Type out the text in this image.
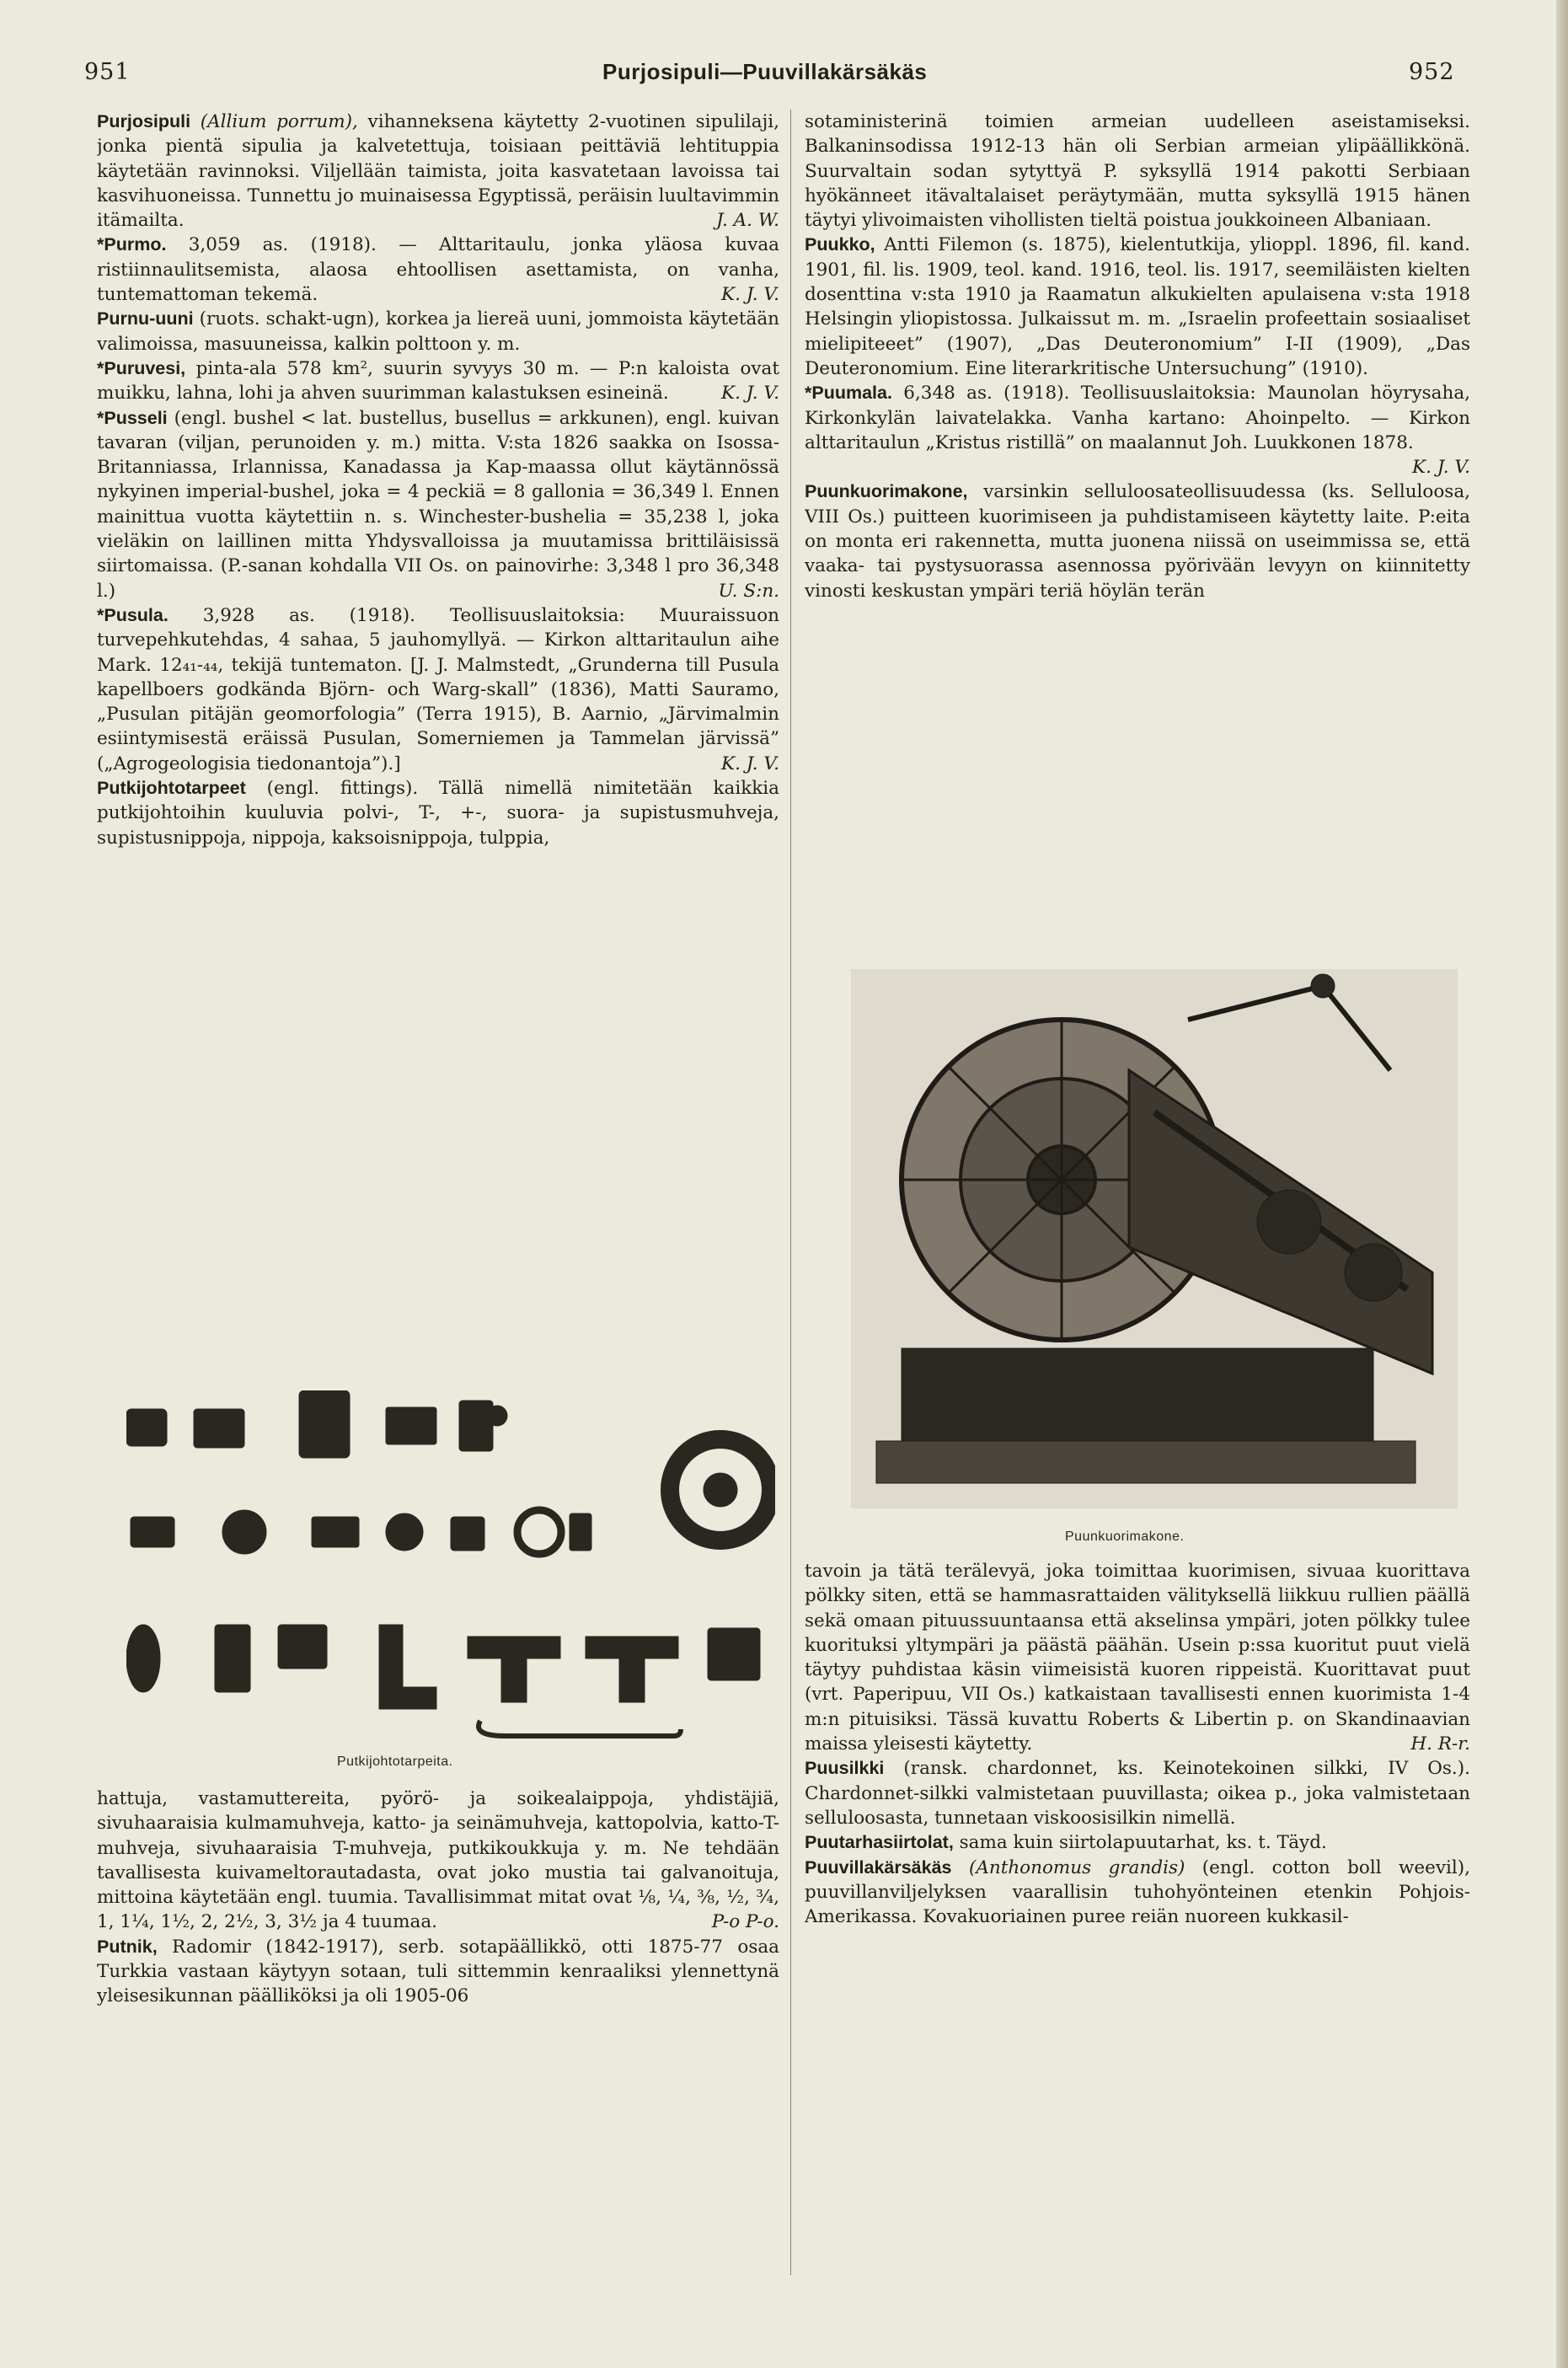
951	Purjosipuli—Puuvillakärsäkäs	952

Purjosipuli (Allium porrum), vihanneksena käytetty 2-vuotinen sipulilaji, jonka pientä sipulia ja kalvetettuja, toisiaan peittäviä lehtituppia käytetään ravinnoksi. Viljellään taimista, joita kasvatetaan lavoissa tai kasvihuoneissa. Tunnettu jo muinaisessa Egyptissä, peräisin luultavimmin itämailta.	J. A. W.

*Purmo. 3,059 as. (1918). — Alttaritaulu, jonka yläosa kuvaa ristiinnaulitsemista, alaosa ehtoollisen asettamista, on vanha, tuntemattoman tekemä.	K. J. V.

Purnu-uuni (ruots. schakt-ugn), korkea ja liereä uuni, jommoista käytetään valimoissa, masuuneissa, kalkin polttoon y. m.

*Puruvesi, pinta-ala 578 km², suurin syvyys 30 m. — P:n kaloista ovat muikku, lahna, lohi ja ahven suurimman kalastuksen esineinä.	K. J. V.

*Pusseli (engl. bushel < lat. bustellus, busellus = arkkunen), engl. kuivan tavaran (viljan, perunoiden y. m.) mitta. V:sta 1826 saakka on Isossa-Britanniassa, Irlannissa, Kanadassa ja Kap-maassa ollut käytännössä nykyinen imperial-bushel, joka = 4 peckiä = 8 gallonia = 36,349 l. Ennen mainittua vuotta käytettiin n. s. Winchester-bushelia = 35,238 l, joka vieläkin on laillinen mitta Yhdysvalloissa ja muutamissa brittiläisissä siirtomaissa. (P.-sanan kohdalla VII Os. on painovirhe: 3,348 l pro 36,348 l.)	U. S:n.

*Pusula. 3,928 as. (1918). Teollisuuslaitoksia: Muuraissuon turvepehkutehdas, 4 sahaa, 5 jauhomyllyä. — Kirkon alttaritaulun aihe Mark. 12₄₁-₄₄, tekijä tuntematon. [J. J. Malmstedt, „Grunderna till Pusula kapellboers godkända Björn- och Warg-skall” (1836), Matti Sauramo, „Pusulan pitäjän geomorfologia” (Terra 1915), B. Aarnio, „Järvimalmin esiintymisestä eräissä Pusulan, Somerniemen ja Tammelan järvissä” („Agrogeologisia tiedonantoja”).]	K. J. V.

Putkijohtotarpeet (engl. fittings). Tällä nimellä nimitetään kaikkia putkijohtoihin kuuluvia polvi-, T-, +-, suora- ja supistusmuhveja, supistusnippoja, nippoja, kaksoisnippoja, tulppia,

Putkijohtotarpeita.

hattuja, vastamuttereita, pyörö- ja soikealaippoja, yhdistäjiä, sivuhaaraisia kulmamuhveja, katto- ja seinämuhveja, kattopolvia, katto-T-muhveja, sivuhaaraisia T-muhveja, putkikoukkuja y. m. Ne tehdään tavallisesta kuivameltorautadasta, ovat joko mustia tai galvanoituja, mittoina käytetään engl. tuumia. Tavallisimmat mitat ovat ⅛, ¼, ⅜, ½, ¾, 1, 1¼, 1½, 2, 2½, 3, 3½ ja 4 tuumaa.	P-o P-o.

Putnik, Radomir (1842-1917), serb. sotapäällikkö, otti 1875-77 osaa Turkkia vastaan käytyyn sotaan, tuli sittemmin kenraaliksi ylennettynä yleisesikunnan päälliköksi ja oli 1905-06

sotaministerinä toimien armeian uudelleen aseistamiseksi. Balkaninsodissa 1912-13 hän oli Serbian armeian ylipäällikkönä. Suurvaltain sodan sytyttyä P. syksyllä 1914 pakotti Serbiaan hyökänneet itävaltalaiset peräytymään, mutta syksyllä 1915 hänen täytyi ylivoimaisten vihollisten tieltä poistua joukkoineen Albaniaan.

Puukko, Antti Filemon (s. 1875), kielentutkija, ylioppl. 1896, fil. kand. 1901, fil. lis. 1909, teol. kand. 1916, teol. lis. 1917, seemiläisten kielten dosenttina v:sta 1910 ja Raamatun alkukielten apulaisena v:sta 1918 Helsingin yliopistossa. Julkaissut m. m. „Israelin profeettain sosiaaliset mielipiteeet” (1907), „Das Deuteronomium” I-II (1909), „Das Deuteronomium. Eine literarkritische Untersuchung” (1910).

*Puumala. 6,348 as. (1918). Teollisuuslaitoksia: Maunolan höyrysaha, Kirkonkylän laivatelakka. Vanha kartano: Ahoinpelto. — Kirkon alttaritaulun „Kristus ristillä” on maalannut Joh. Luukkonen 1878.
K. J. V.

Puunkuorimakone, varsinkin selluloosateollisuudessa (ks. Selluloosa, VIII Os.) puitteen kuorimiseen ja puhdistamiseen käytetty laite. P:eita on monta eri rakennetta, mutta juonena niissä on useimmissa se, että vaaka- tai pystysuorassa asennossa pyörivään levyyn on kiinnitetty vinosti keskustan ympäri teriä höylän terän

Puunkuorimakone.

tavoin ja tätä terälevyä, joka toimittaa kuorimisen, sivuaa kuorittava pölkky siten, että se hammasrattaiden välityksellä liikkuu rullien päällä sekä omaan pituussuuntaansa että akselinsa ympäri, joten pölkky tulee kuorituksi yltympäri ja päästä päähän. Usein p:ssa kuoritut puut vielä täytyy puhdistaa käsin viimeisistä kuoren rippeistä. Kuorittavat puut (vrt. Paperipuu, VII Os.) katkaistaan tavallisesti ennen kuorimista 1-4 m:n pituisiksi. Tässä kuvattu Roberts & Libertin p. on Skandinaavian maissa yleisesti käytetty.	H. R-r.

Puusilkki (ransk. chardonnet, ks. Keinotekoinen silkki, IV Os.). Chardonnet-silkki valmistetaan puuvillasta; oikea p., joka valmistetaan selluloosasta, tunnetaan viskoosisilkin nimellä.

Puutarhasiirtolat, sama kuin siirtolapuutarhat, ks. t. Täyd.

Puuvillakärsäkäs (Anthonomus grandis) (engl. cotton boll weevil), puuvillanviljelyksen vaarallisin tuhohyönteinen etenkin Pohjois-Amerikassa. Kovakuoriainen puree reiän nuoreen kukkasil-
